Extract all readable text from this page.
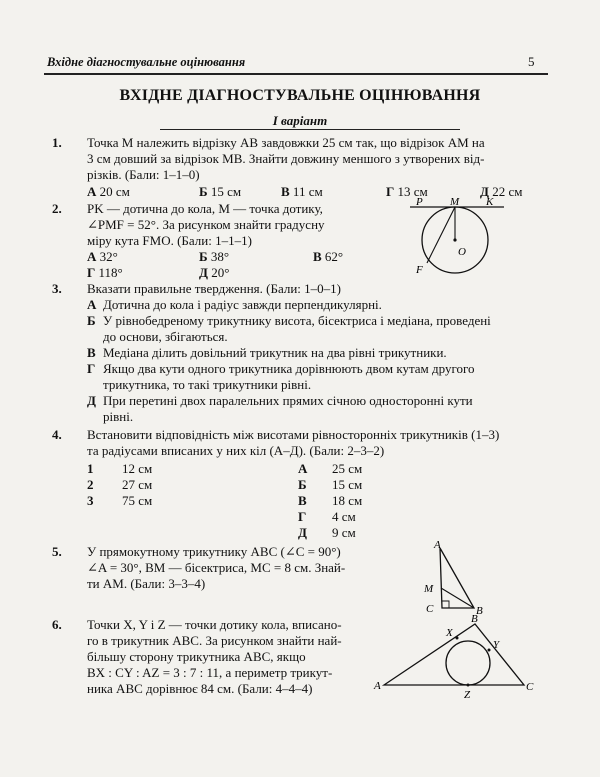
Вхідне діагностувальне оцінювання	5
ВХІДНЕ ДІАГНОСТУВАЛЬНЕ ОЦІНЮВАННЯ
І варіант
1. Точка M належить відрізку AB завдовжки 25 см так, що відрізок AM на
3 см довший за відрізок MB. Знайти довжину меншого з утворених від-
різків. (Бали: 1–1–0)
А 20 см	Б 15 см	В 11 см	Г 13 см	Д 22 см
2. PK — дотична до кола, M — точка дотику,
∠PMF = 52°. За рисунком знайти градусну
міру кута FMO. (Бали: 1–1–1)
А 32°	Б 38°	В 62°
Г 118°	Д 20°
P M K
O
F
3. Вказати правильне твердження. (Бали: 1–0–1)
А Дотична до кола і радіус завжди перпендикулярні.
Б У рівнобедреному трикутнику висота, бісектриса і медіана, проведені
до основи, збігаються.
В Медіана ділить довільний трикутник на два рівні трикутники.
Г Якщо два кути одного трикутника дорівнюють двом кутам другого
трикутника, то такі трикутники рівні.
Д При перетині двох паралельних прямих січною односторонні кути
рівні.
4. Встановити відповідність між висотами рівносторонніх трикутників (1–3)
та радіусами вписаних у них кіл (А–Д). (Бали: 2–3–2)
1 12 см
2 27 см
3 75 см
А 25 см
Б 15 см
В 18 см
Г 4 см
Д 9 см
5. У прямокутному трикутнику ABC (∠C = 90°)
∠A = 30°, BM — бісектриса, MC = 8 см. Знай-
ти AM. (Бали: 3–3–4)
A
M
C	B
6. Точки X, Y і Z — точки дотику кола, вписано-
го в трикутник ABC. За рисунком знайти най-
більшу сторону трикутника ABC, якщо
BX : CY : AZ = 3 : 7 : 11, а периметр трикут-
ника ABC дорівнює 84 см. (Бали: 4–4–4)	A
B
C
X
Y
Z
